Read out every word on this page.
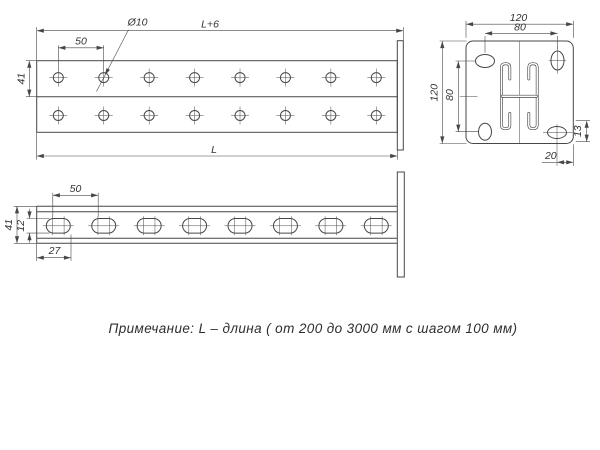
L+6
50
Ø10
41
L
120
80
120 80
13
20
50
41 12
27
Примечание: L – длина ( от 200 до 3000 мм с шагом 100 мм)
